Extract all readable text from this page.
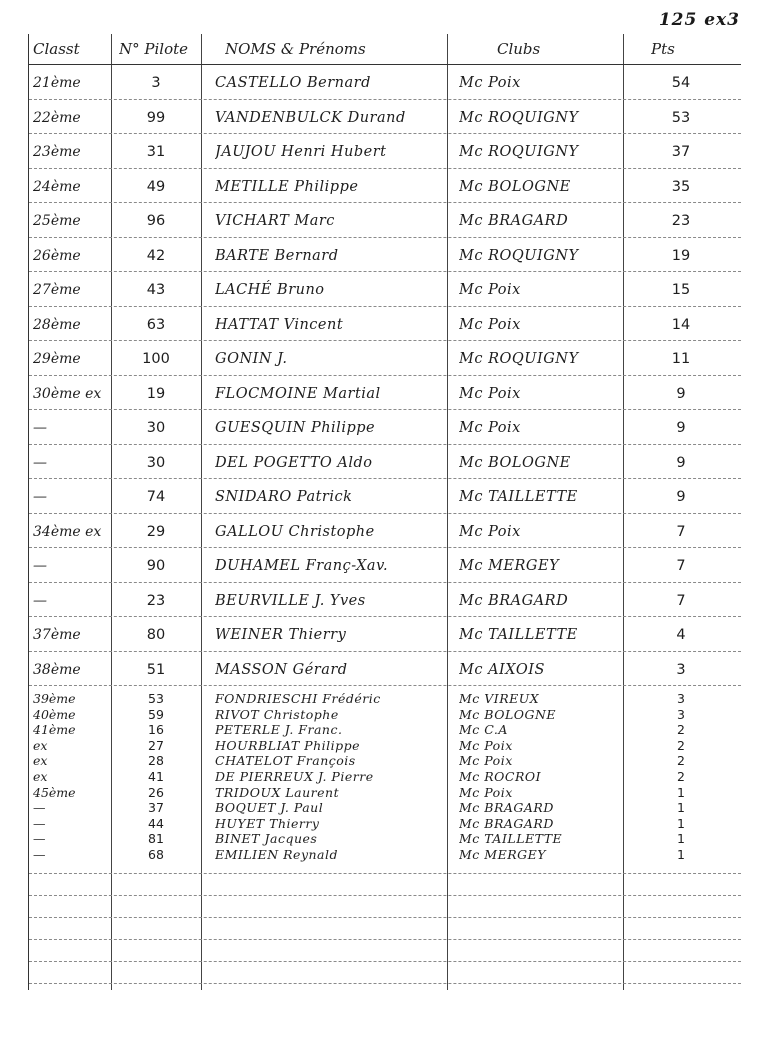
125 ex3
Classt	N° Pilote	NOMS & Prénoms	Clubs	Pts
21ème	3	CASTELLO Bernard	Mc Poix	54
22ème	99	VANDENBULCK Durand	Mc ROQUIGNY	53
23ème	31	JAUJOU Henri Hubert	Mc ROQUIGNY	37
24ème	49	METILLE Philippe	Mc BOLOGNE	35
25ème	96	VICHART Marc	Mc BRAGARD	23
26ème	42	BARTE Bernard	Mc ROQUIGNY	19
27ème	43	LACHÉ Bruno	Mc Poix	15
28ème	63	HATTAT Vincent	Mc Poix	14
29ème	100	GONIN J.	Mc ROQUIGNY	11
30ème ex	19	FLOCMOINE Martial	Mc Poix	9
—	30	GUESQUIN Philippe	Mc Poix	9
—	30	DEL POGETTO Aldo	Mc BOLOGNE	9
—	74	SNIDARO Patrick	Mc TAILLETTE	9
34ème ex	29	GALLOU Christophe	Mc Poix	7
—	90	DUHAMEL Franç-Xav.	Mc MERGEY	7
—	23	BEURVILLE J. Yves	Mc BRAGARD	7
37ème	80	WEINER Thierry	Mc TAILLETTE	4
38ème	51	MASSON Gérard	Mc AIXOIS	3
39ème	53	FONDRIESCHI Frédéric	Mc VIREUX	3
40ème	59	RIVOT Christophe	Mc BOLOGNE	3
41ème	16	PETERLE J. Franc.	Mc C.A	2
ex	27	HOURBLIAT Philippe	Mc Poix	2
ex	28	CHATELOT François	Mc Poix	2
ex	41	DE PIERREUX J. Pierre	Mc ROCROI	2
45ème	26	TRIDOUX Laurent	Mc Poix	1
—	37	BOQUET J. Paul	Mc BRAGARD	1
—	44	HUYET Thierry	Mc BRAGARD	1
—	81	BINET Jacques	Mc TAILLETTE	1
—	68	EMILIEN Reynald	Mc MERGEY	1
